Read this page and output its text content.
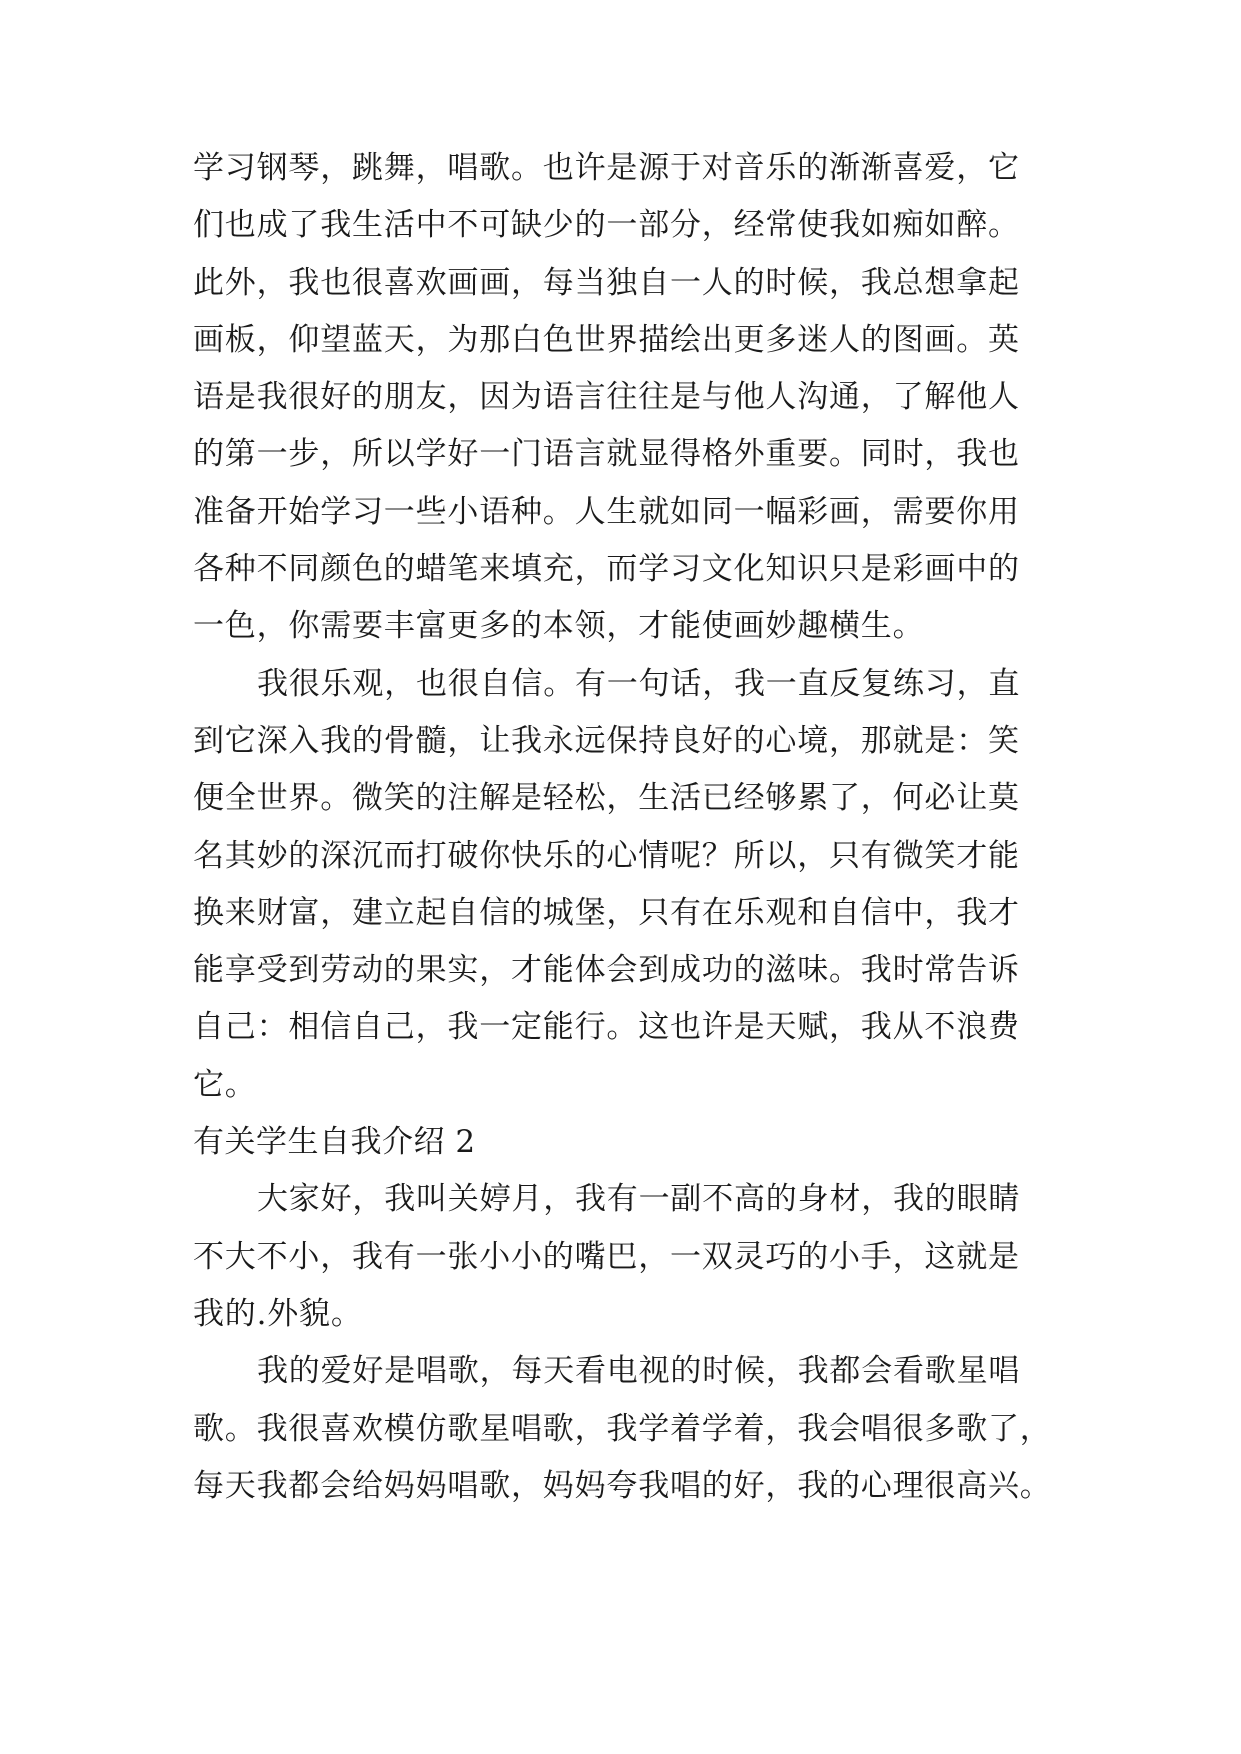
学习钢琴，跳舞，唱歌。也许是源于对音乐的渐渐喜爱，它
们也成了我生活中不可缺少的一部分，经常使我如痴如醉。
此外，我也很喜欢画画，每当独自一人的时候，我总想拿起
画板，仰望蓝天，为那白色世界描绘出更多迷人的图画。英
语是我很好的朋友，因为语言往往是与他人沟通，了解他人
的第一步，所以学好一门语言就显得格外重要。同时，我也
准备开始学习一些小语种。人生就如同一幅彩画，需要你用
各种不同颜色的蜡笔来填充，而学习文化知识只是彩画中的
一色，你需要丰富更多的本领，才能使画妙趣横生。
我很乐观，也很自信。有一句话，我一直反复练习，直
到它深入我的骨髓，让我永远保持良好的心境，那就是：笑
便全世界。微笑的注解是轻松，生活已经够累了，何必让莫
名其妙的深沉而打破你快乐的心情呢？所以，只有微笑才能
换来财富，建立起自信的城堡，只有在乐观和自信中，我才
能享受到劳动的果实，才能体会到成功的滋味。我时常告诉
自己：相信自己，我一定能行。这也许是天赋，我从不浪费
它。
有关学生自我介绍 2
大家好，我叫关婷月，我有一副不高的身材，我的眼睛
不大不小，我有一张小小的嘴巴，一双灵巧的小手，这就是
我的.外貌。
我的爱好是唱歌，每天看电视的时候，我都会看歌星唱
歌。我很喜欢模仿歌星唱歌，我学着学着，我会唱很多歌了，
每天我都会给妈妈唱歌，妈妈夸我唱的好，我的心理很高兴。
